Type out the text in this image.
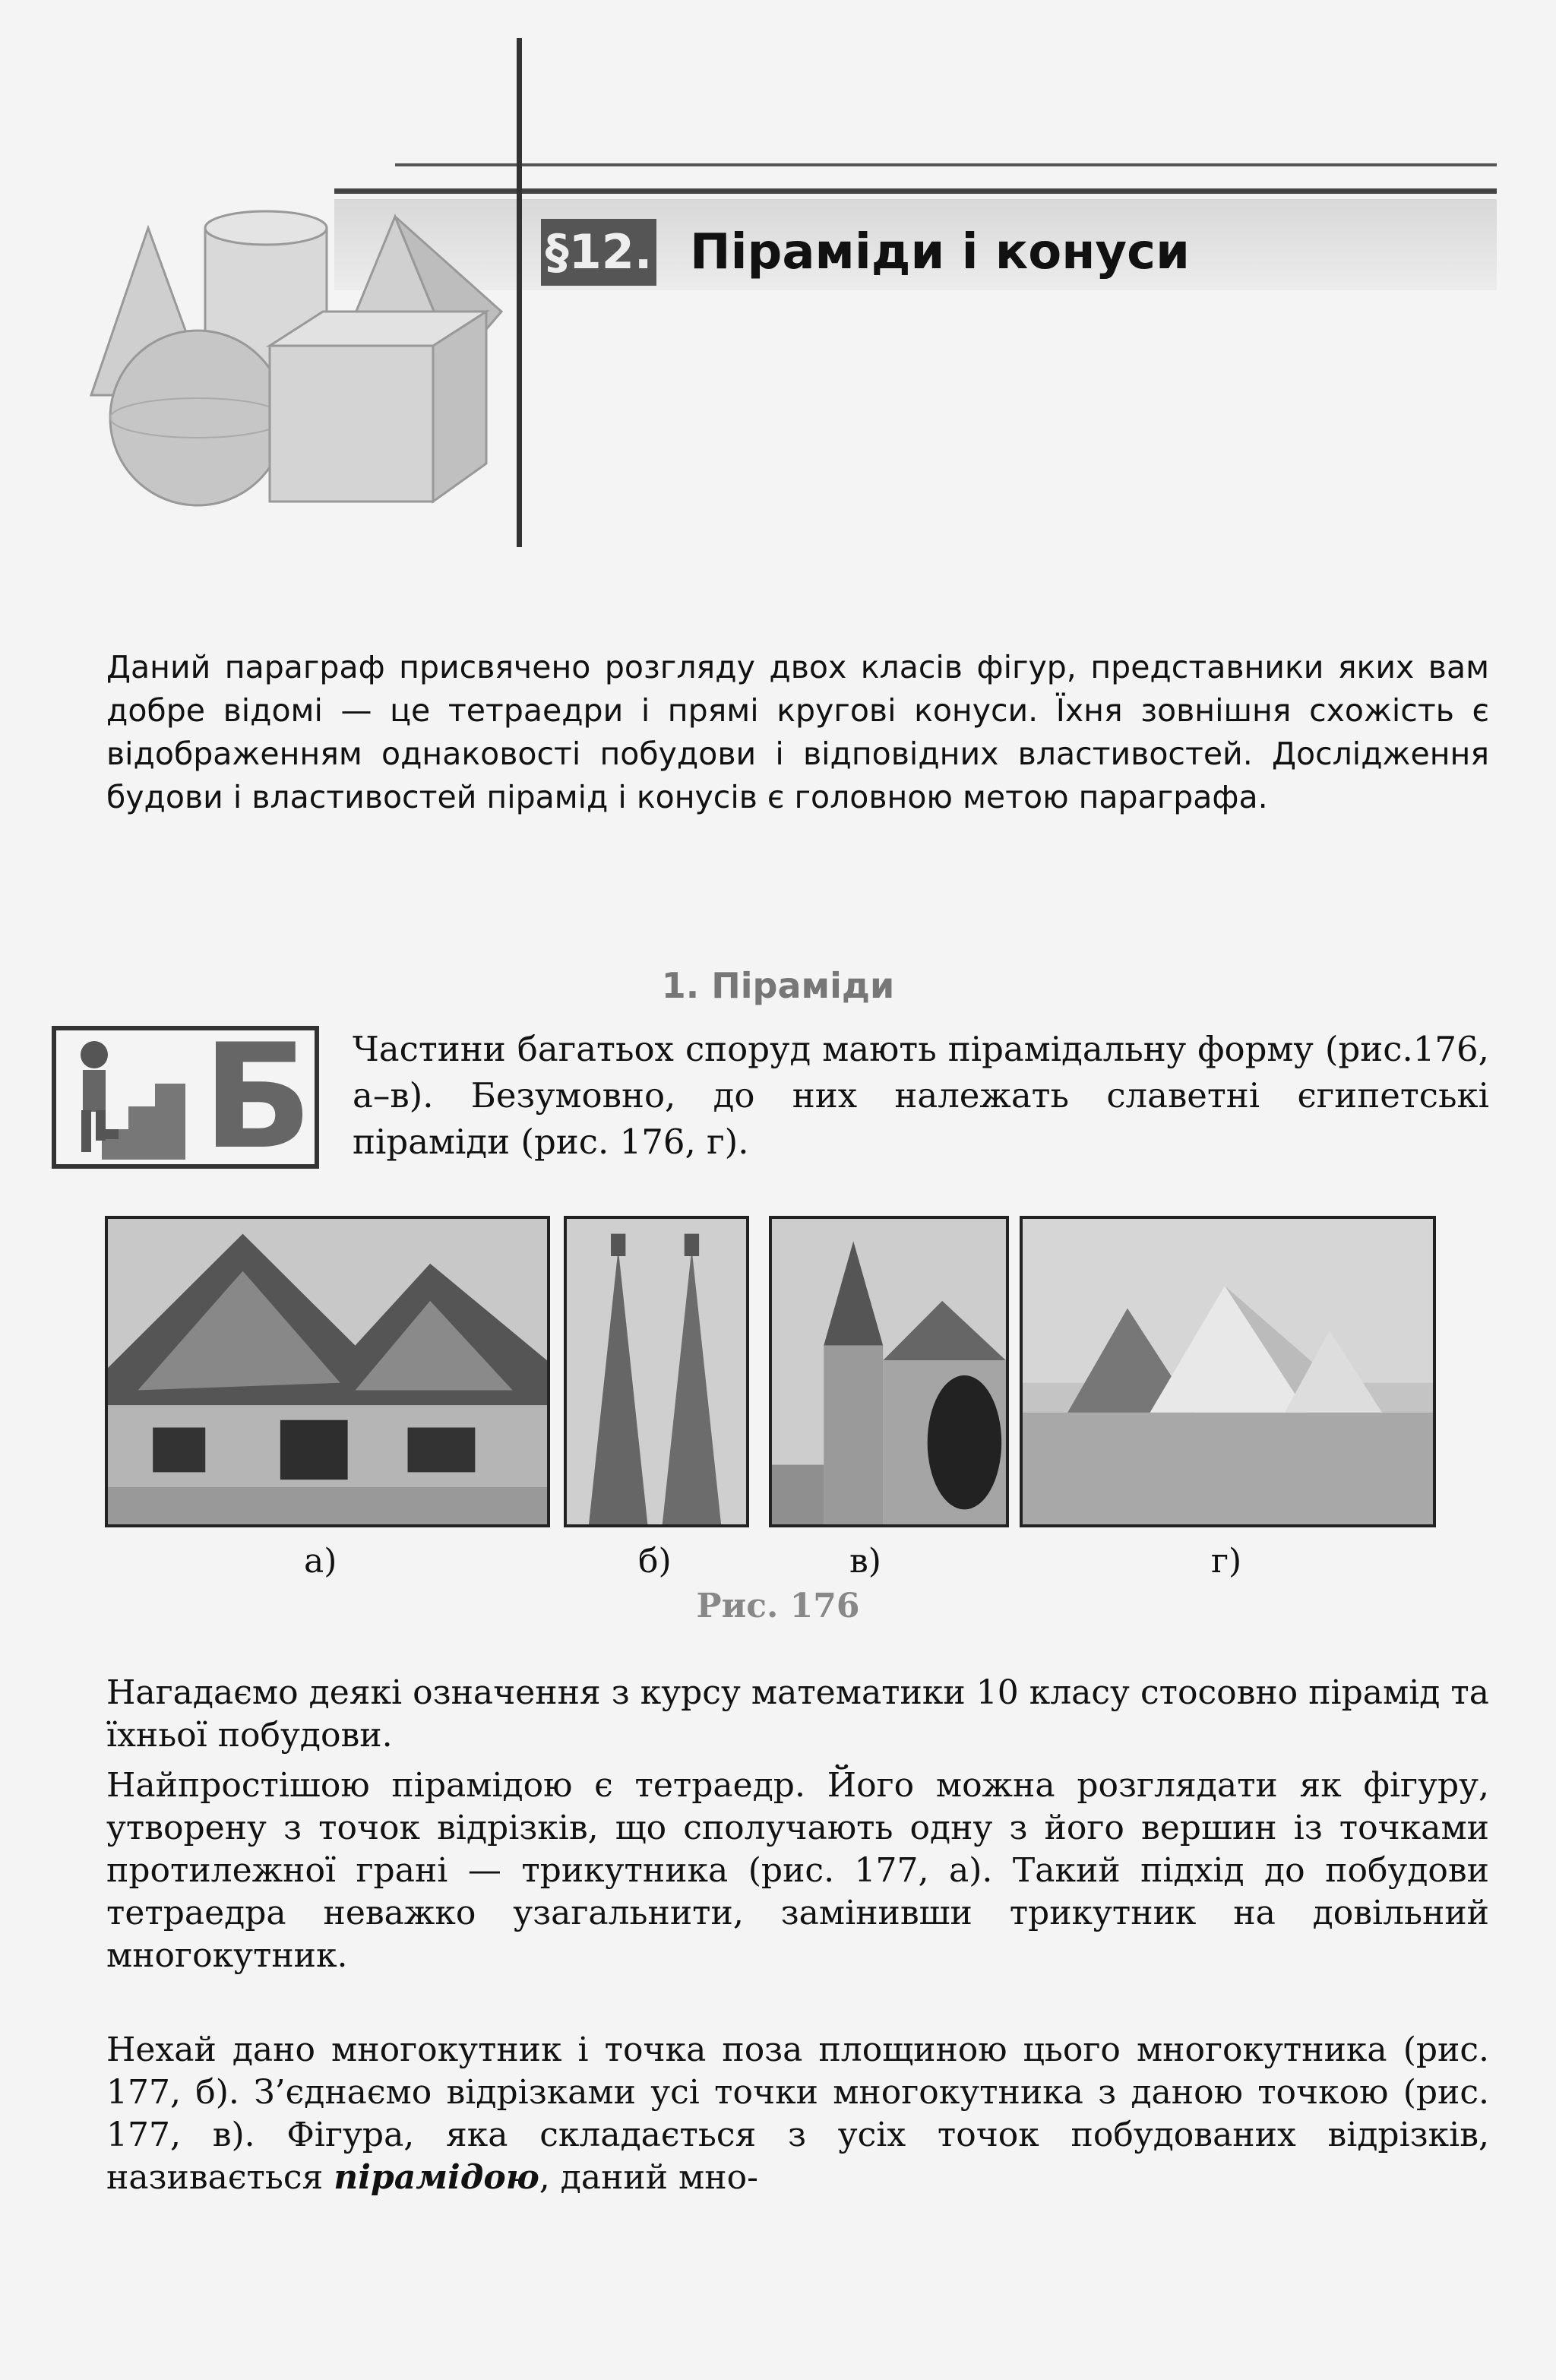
§12. Піраміди і конуси

Даний параграф присвячено розгляду двох класів фігур, представники яких вам добре відомі — це тетраедри і прямі кругові конуси. Їхня зовнішня схожість є відображенням однаковості побудови і відповідних властивостей. Дослідження будови і властивостей пірамід і конусів є головною метою параграфа.

1. Піраміди
Б Частини багатьох споруд мають пірамідальну форму (рис.176, а–в). Безумовно, до них належать славетні єгипетські піраміди (рис. 176, г).

а)	б)	в)	г)
Рис. 176

Нагадаємо деякі означення з курсу математики 10 класу стосовно пірамід та їхньої побудови.

Найпростішою пірамідою є тетраедр. Його можна розглядати як фігуру, утворену з точок відрізків, що сполучають одну з його вершин із точками протилежної грані — трикутника (рис. 177, а). Такий підхід до побудови тетраедра неважко узагальнити, замінивши трикутник на довільний многокутник.

Нехай дано многокутник і точка поза площиною цього многокутника (рис. 177, б). З’єднаємо відрізками усі точки многокутника з даною точкою (рис. 177, в). Фігура, яка складається з усіх точок побудованих відрізків, називається пірамідою, даний мно-
